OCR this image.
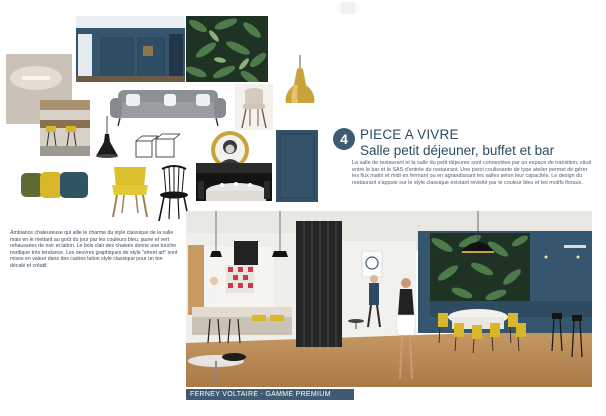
4 PIECE A VIVRE
Salle petit déjeuner, buffet et bar
La salle de restaurant et la salle du petit déjeuner sont connectées par un espace de transition, situé entre le bar et le SAS d'entrée du restaurant. Une paroi coulissante de type atelier permet de gérer les flux matin et midi en fermant ou en agrandissant les salles selon leur capacités. Le design du restaurant s'appuie sur le style classique existant revisité par le couleur bleu et les motifs floraux.
Ambiance chaleureuse qui allie le charme du style classique de la salle mais en le mettant au goût du jour par les couleurs bleu, jaune et vert rehaussées de noir et laiton. Le bois clair des chaises donne une touche nordique très tendance. Les oeuvres graphiques de style "street art" sont mises en valeur dans des cadres laiton style classique pour un ton décalé et créatif.
FERNEY VOLTAIRE - GAMME PREMIUM
